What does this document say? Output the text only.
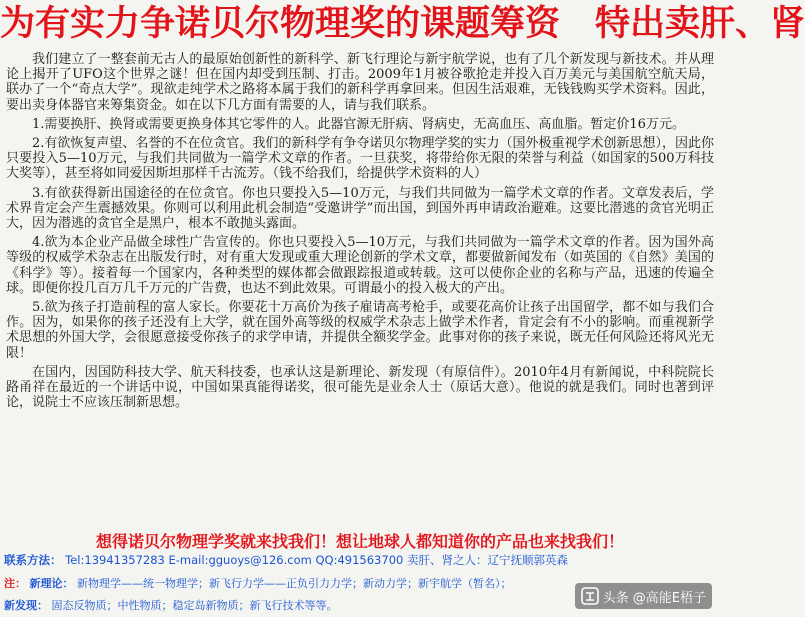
为有实力争诺贝尔物理奖的课题筹资　特出卖肝、肾

我们建立了一整套前无古人的最原始创新性的新科学、新飞行理论与新宇航学说，也有了几个新发现与新技术。并从理论上揭开了UFO这个世界之谜！但在国内却受到压制、打击。2009年1月被谷歌抢走并投入百万美元与美国航空航天局，联办了一个“奇点大学”。现欲走纯学术之路将本属于我们的新科学再拿回来。但因生活艰难，无钱钱购买学术资料。因此，要出卖身体器官来筹集资金。如在以下几方面有需要的人，请与我们联系。

1.需要换肝、换肾或需要更换身体其它零件的人。此器官源无肝病、肾病史，无高血压、高血脂。暂定价16万元。

2.有欲恢复声望、名誉的不在位贪官。我们的新科学有争夺诺贝尔物理学奖的实力（国外极重视学术创新思想），因此你只要投入5—10万元，与我们共同做为一篇学术文章的作者。一旦获奖，将带给你无限的荣誉与利益（如国家的500万科技大奖等），甚至将如同爱因斯坦那样千古流芳。（钱不给我们，给提供学术资料的人）

3.有欲获得新出国途径的在位贪官。你也只要投入5—10万元，与我们共同做为一篇学术文章的作者。文章发表后，学术界肯定会产生震撼效果。你则可以利用此机会制造“受邀讲学”而出国，到国外再申请政治避难。这要比潜逃的贪官光明正大，因为潜逃的贪官全是黑户，根本不敢抛头露面。

4.欲为本企业产品做全球性广告宣传的。你也只要投入5—10万元，与我们共同做为一篇学术文章的作者。因为国外高等级的权威学术杂志在出版发行时，对有重大发现或重大理论创新的学术文章，都要做新闻发布（如英国的《自然》美国的《科学》等）。接着每一个国家内，各种类型的媒体都会做跟踪报道或转载。这可以使你企业的名称与产品，迅速的传遍全球。即便你投几百万几千万元的广告费，也达不到此效果。可谓最小的投入极大的产出。

5.欲为孩子打造前程的富人家长。你要花十万高价为孩子雇请高考枪手，或要花高价让孩子出国留学，都不如与我们合作。因为，如果你的孩子还没有上大学，就在国外高等级的权威学术杂志上做学术作者，肯定会有不小的影响。而重视新学术思想的外国大学，会很愿意接受你孩子的求学申请，并提供全额奖学金。此事对你的孩子来说，既无任何风险还将风光无限！

在国内，因国防科技大学、航天科技委，也承认这是新理论、新发现（有原信件）。2010年4月有新闻说，中科院院长路甬祥在最近的一个讲话中说，中国如果真能得诺奖，很可能先是业余人士（原话大意）。他说的就是我们。同时也著到评论，说院士不应该压制新思想。

想得诺贝尔物理学奖就来找我们！想让地球人都知道你的产品也来找我们！
联系方法： Tel:13941357283 E-mail:gguoys@126.com QQ:491563700 卖肝、肾之人：辽宁抚顺郭英森
注： 新理论： 新物理学——统一物理学；新飞行力学——正负引力力学；新动力学；新宇航学（暂名）；
新发现： 固态反物质；中性物质；稳定岛新物质；新飞行技术等等。	头条 @高能E梧子
